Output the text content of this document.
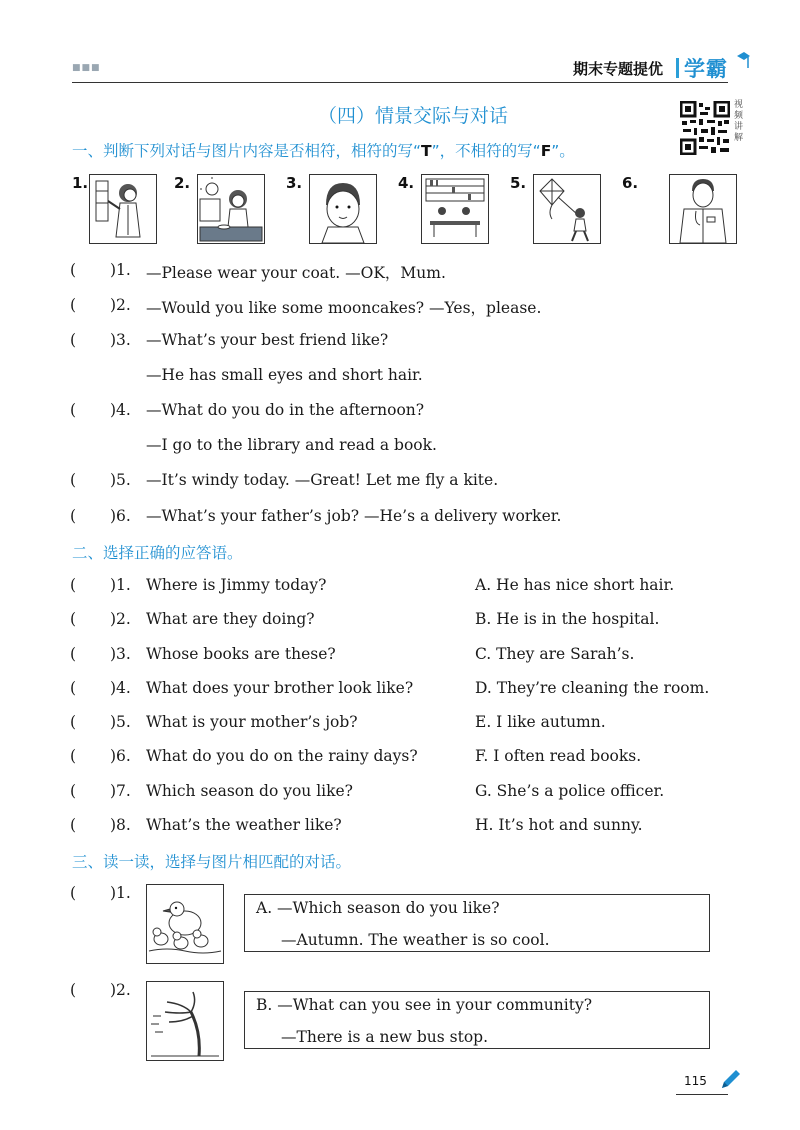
■■■	期末专题提优 学霸
（四）情景交际与对话	视频讲解
一、判断下列对话与图片内容是否相符，相符的写“T”，不相符的写“F”。
1.	2.	3.	4.	5.	6.
( )1. —Please wear your coat. —OK，Mum.
( )2. —Would you like some mooncakes? —Yes，please.
( )3. —What’s your best friend like?
—He has small eyes and short hair.
( )4. —What do you do in the afternoon?
—I go to the library and read a book.
( )5. —It’s windy today. —Great! Let me fly a kite.
( )6. —What’s your father’s job? —He’s a delivery worker.
二、选择正确的应答语。
( )1. Where is Jimmy today?	A. He has nice short hair.
( )2. What are they doing?	B. He is in the hospital.
( )3. Whose books are these?	C. They are Sarah’s.
( )4. What does your brother look like?	D. They’re cleaning the room.
( )5. What is your mother’s job?	E. I like autumn.
( )6. What do you do on the rainy days?	F. I often read books.
( )7. Which season do you like?	G. She’s a police officer.
( )8. What’s the weather like?	H. It’s hot and sunny.
三、读一读，选择与图片相匹配的对话。
( )1.
A. —Which season do you like?
—Autumn. The weather is so cool.
( )2.
B. —What can you see in your community?
—There is a new bus stop.
115
